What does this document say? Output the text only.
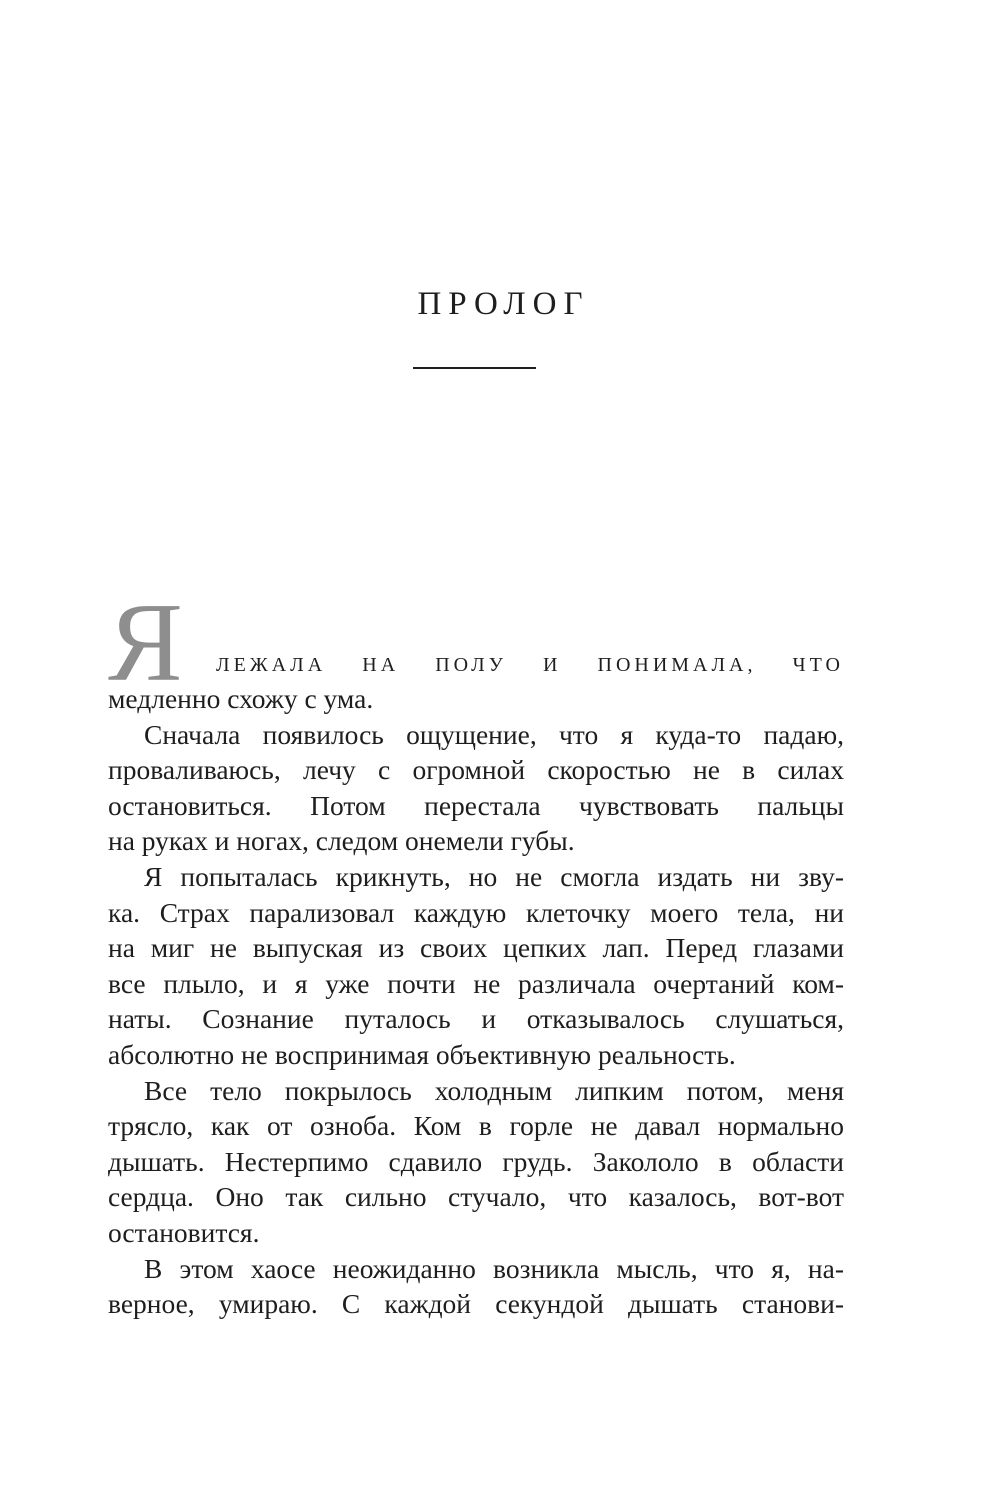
ПРОЛОГ
Я ЛЕЖАЛА НА ПОЛУ И ПОНИМАЛА, ЧТО
медленно схожу с ума.
Сначала появилось ощущение, что я куда-то падаю,
проваливаюсь, лечу с огромной скоростью не в силах
остановиться. Потом перестала чувствовать пальцы
на руках и ногах, следом онемели губы.
Я попыталась крикнуть, но не смогла издать ни зву-
ка. Страх парализовал каждую клеточку моего тела, ни
на миг не выпуская из своих цепких лап. Перед глазами
все плыло, и я уже почти не различала очертаний ком-
наты. Сознание путалось и отказывалось слушаться,
абсолютно не воспринимая объективную реальность.
Все тело покрылось холодным липким потом, меня
трясло, как от озноба. Ком в горле не давал нормально
дышать. Нестерпимо сдавило грудь. Закололо в области
сердца. Оно так сильно стучало, что казалось, вот-вот
остановится.
В этом хаосе неожиданно возникла мысль, что я, на-
верное, умираю. С каждой секундой дышать станови-
